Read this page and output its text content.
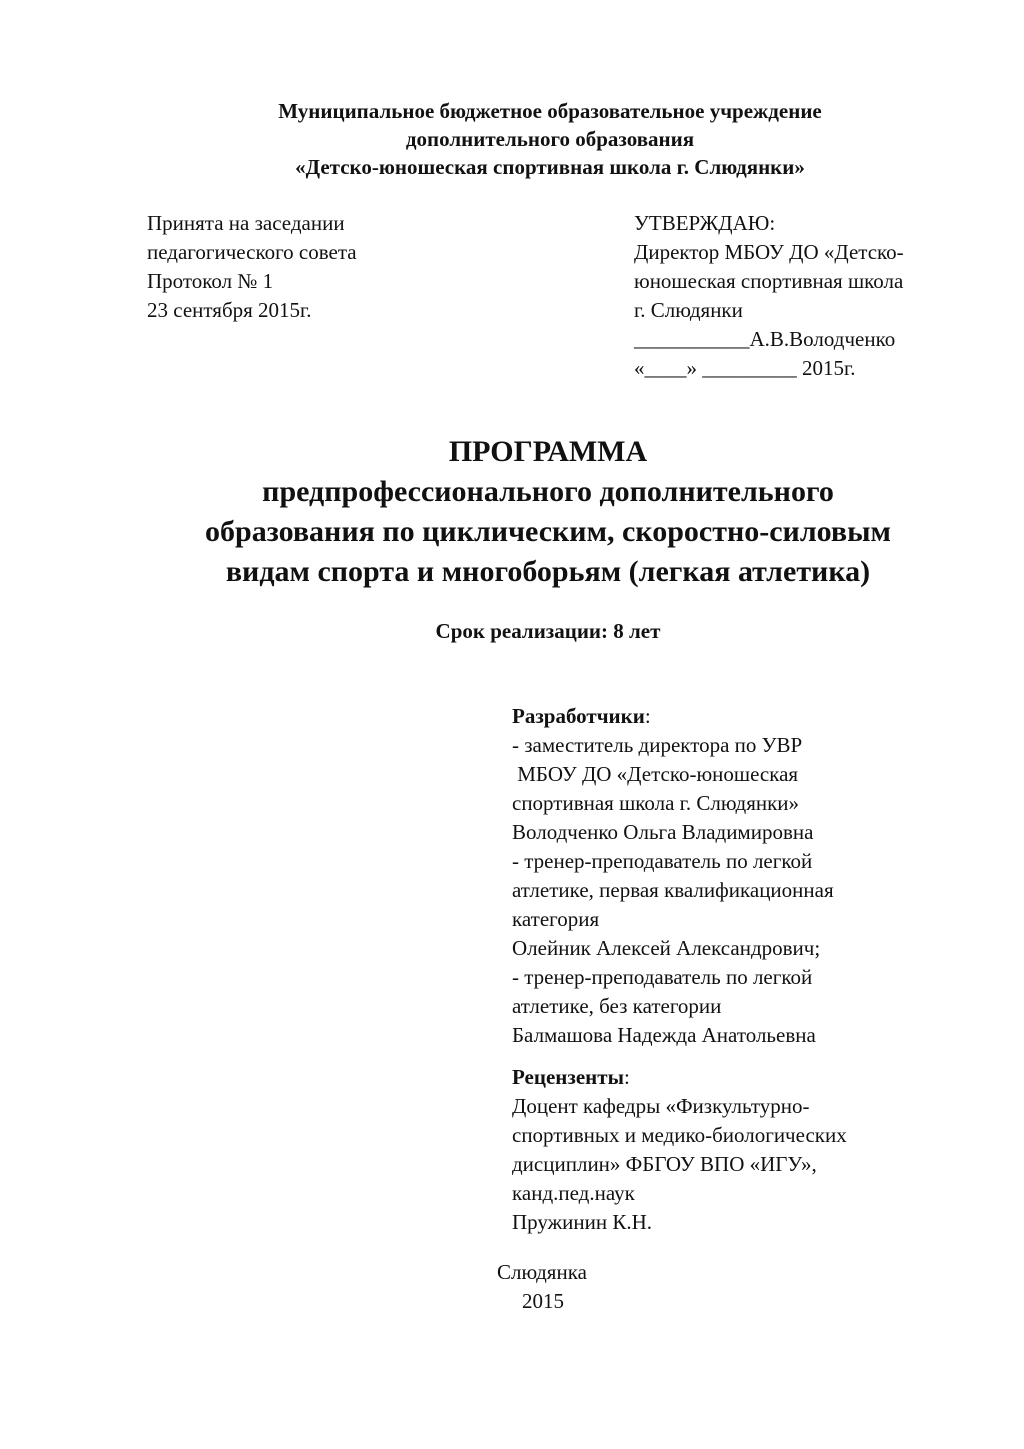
Муниципальное бюджетное образовательное учреждение
дополнительного образования
«Детско-юношеская спортивная школа г. Слюдянки»
Принята на заседании
педагогического совета
Протокол № 1
23 сентября 2015г.
УТВЕРЖДАЮ:
Директор МБОУ ДО «Детско-
юношеская спортивная школа
г. Слюдянки
___________А.В.Володченко
«____» _________ 2015г.
ПРОГРАММА
предпрофессионального дополнительного
образования по циклическим, скоростно-силовым
видам спорта и многоборьям (легкая атлетика)
Срок реализации: 8 лет
Разработчики:
- заместитель директора по УВР
МБОУ ДО «Детско-юношеская
спортивная школа г. Слюдянки»
Володченко Ольга Владимировна
- тренер-преподаватель по легкой
атлетике, первая квалификационная
категория
Олейник Алексей Александрович;
- тренер-преподаватель по легкой
атлетике, без категории
Балмашова Надежда Анатольевна
Рецензенты:
Доцент кафедры «Физкультурно-
спортивных и медико-биологических
дисциплин» ФБГОУ ВПО «ИГУ»,
канд.пед.наук
Пружинин К.Н.
Слюдянка
2015
